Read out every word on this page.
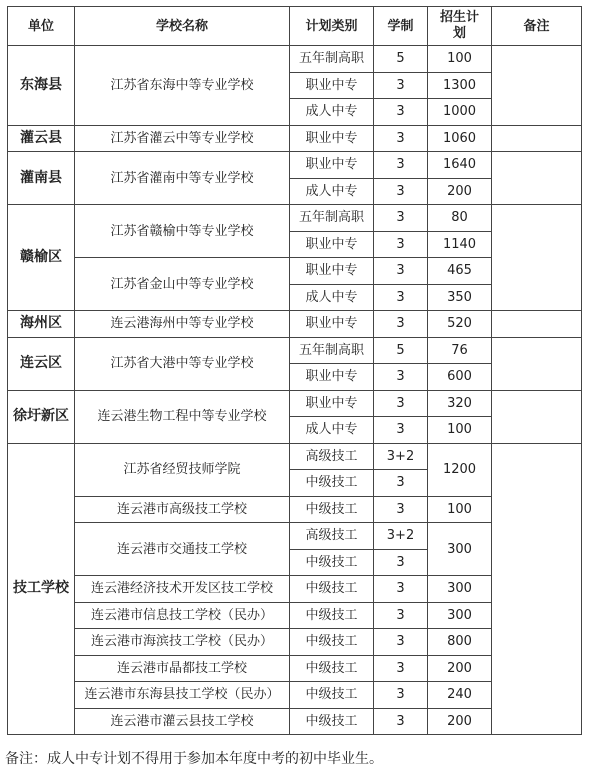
单位	学校名称	计划类别	学制	招生计划	备注
东海县	江苏省东海中等专业学校	五年制高职	5	100	
		职业中专	3	1300	
		成人中专	3	1000	
灌云县	江苏省灌云中等专业学校	职业中专	3	1060	
灌南县	江苏省灌南中等专业学校	职业中专	3	1640	
		成人中专	3	200	
赣榆区	江苏省赣榆中等专业学校	五年制高职	3	80	
		职业中专	3	1140	
	江苏省金山中等专业学校	职业中专	3	465	
		成人中专	3	350	
海州区	连云港海州中等专业学校	职业中专	3	520	
连云区	江苏省大港中等专业学校	五年制高职	5	76	
		职业中专	3	600	
徐圩新区	连云港生物工程中等专业学校	职业中专	3	320	
		成人中专	3	100	
技工学校	江苏省经贸技师学院	高级技工	3+2	1200	
		中级技工	3		
	连云港市高级技工学校	中级技工	3	100	
	连云港市交通技工学校	高级技工	3+2	300	
		中级技工	3		
	连云港经济技术开发区技工学校	中级技工	3	300	
	连云港市信息技工学校（民办）	中级技工	3	300	
	连云港市海滨技工学校（民办）	中级技工	3	800	
	连云港市晶都技工学校	中级技工	3	200	
	连云港市东海县技工学校（民办）	中级技工	3	240	
	连云港市灌云县技工学校	中级技工	3	200	
备注：成人中专计划不得用于参加本年度中考的初中毕业生。
